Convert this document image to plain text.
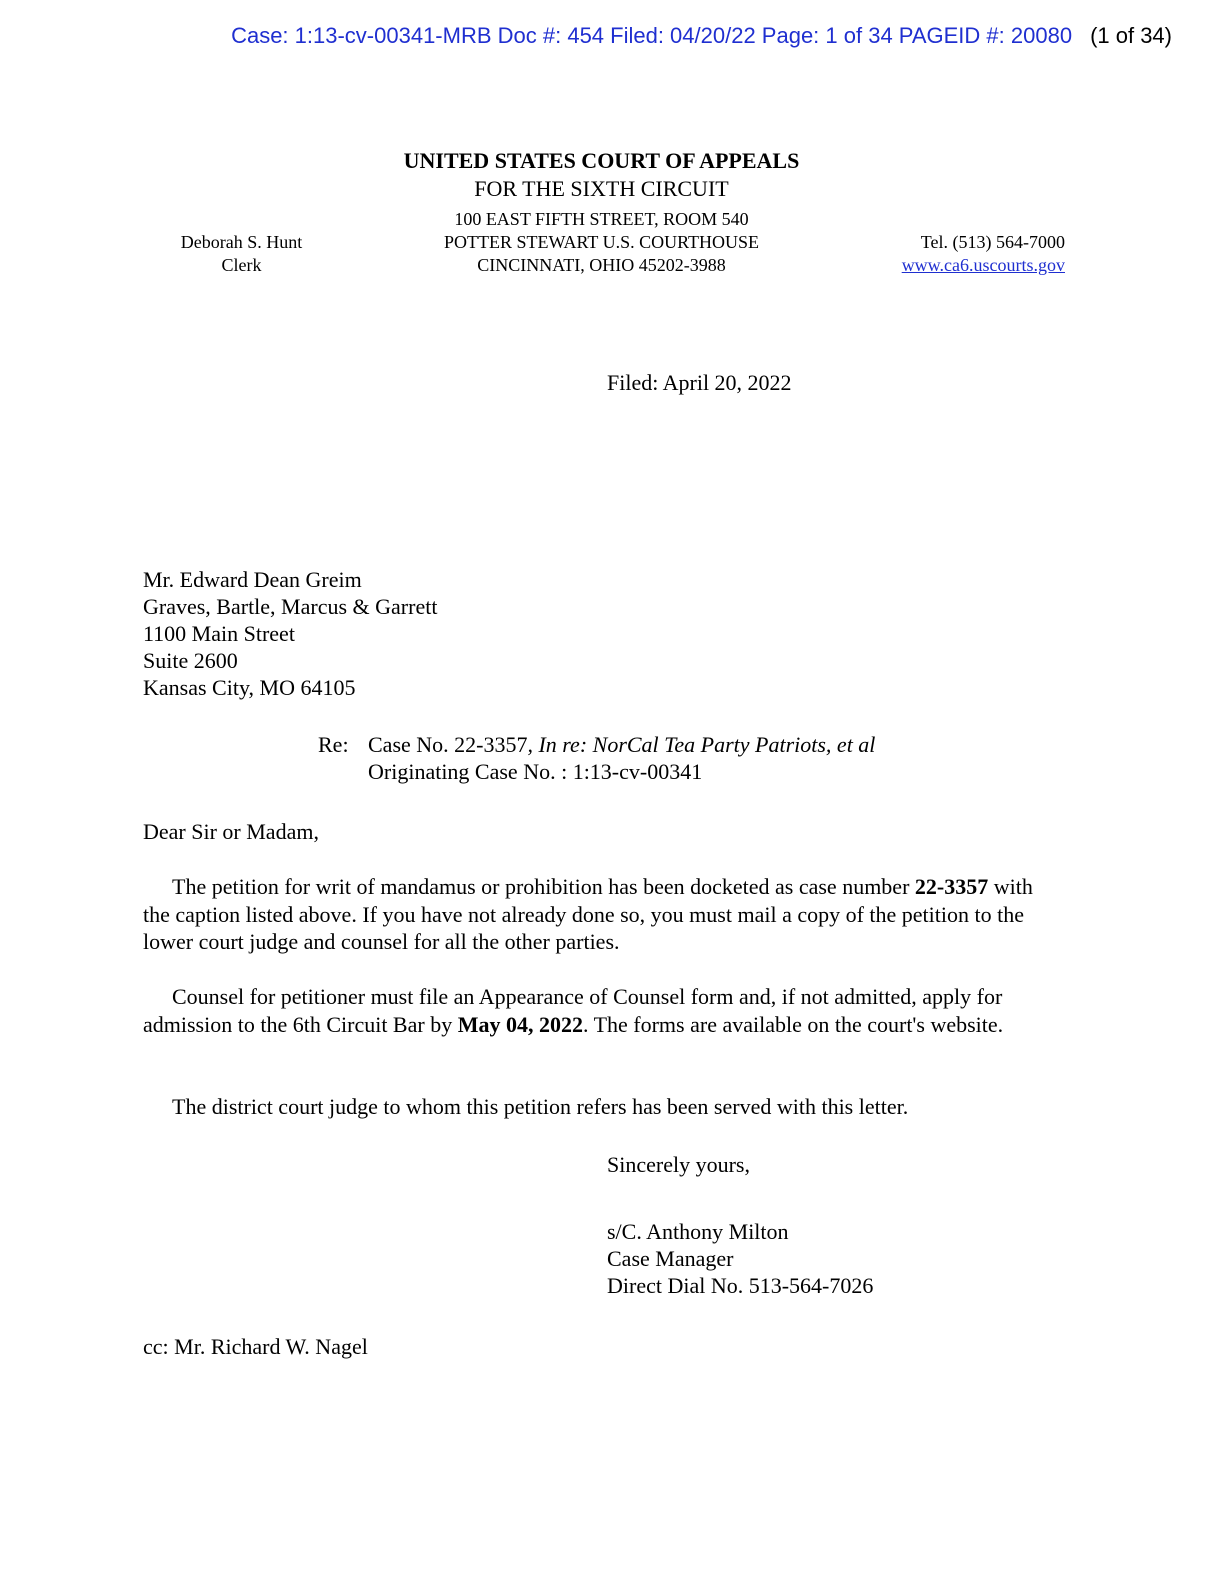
Case: 1:13-cv-00341-MRB Doc #: 454 Filed: 04/20/22 Page: 1 of 34 PAGEID #: 20080 (1 of 34)
UNITED STATES COURT OF APPEALS
FOR THE SIXTH CIRCUIT
100 EAST FIFTH STREET, ROOM 540
POTTER STEWART U.S. COURTHOUSE
CINCINNATI, OHIO 45202-3988
Deborah S. Hunt
Clerk
Tel. (513) 564-7000
www.ca6.uscourts.gov
Filed: April 20, 2022
Mr. Edward Dean Greim
Graves, Bartle, Marcus & Garrett
1100 Main Street
Suite 2600
Kansas City, MO 64105
Re: Case No. 22-3357, In re: NorCal Tea Party Patriots, et al
Originating Case No. : 1:13-cv-00341
Dear Sir or Madam,
The petition for writ of mandamus or prohibition has been docketed as case number 22-3357 with the caption listed above. If you have not already done so, you must mail a copy of the petition to the lower court judge and counsel for all the other parties.
Counsel for petitioner must file an Appearance of Counsel form and, if not admitted, apply for admission to the 6th Circuit Bar by May 04, 2022. The forms are available on the court's website.
The district court judge to whom this petition refers has been served with this letter.
Sincerely yours,
s/C. Anthony Milton
Case Manager
Direct Dial No. 513-564-7026
cc: Mr. Richard W. Nagel
